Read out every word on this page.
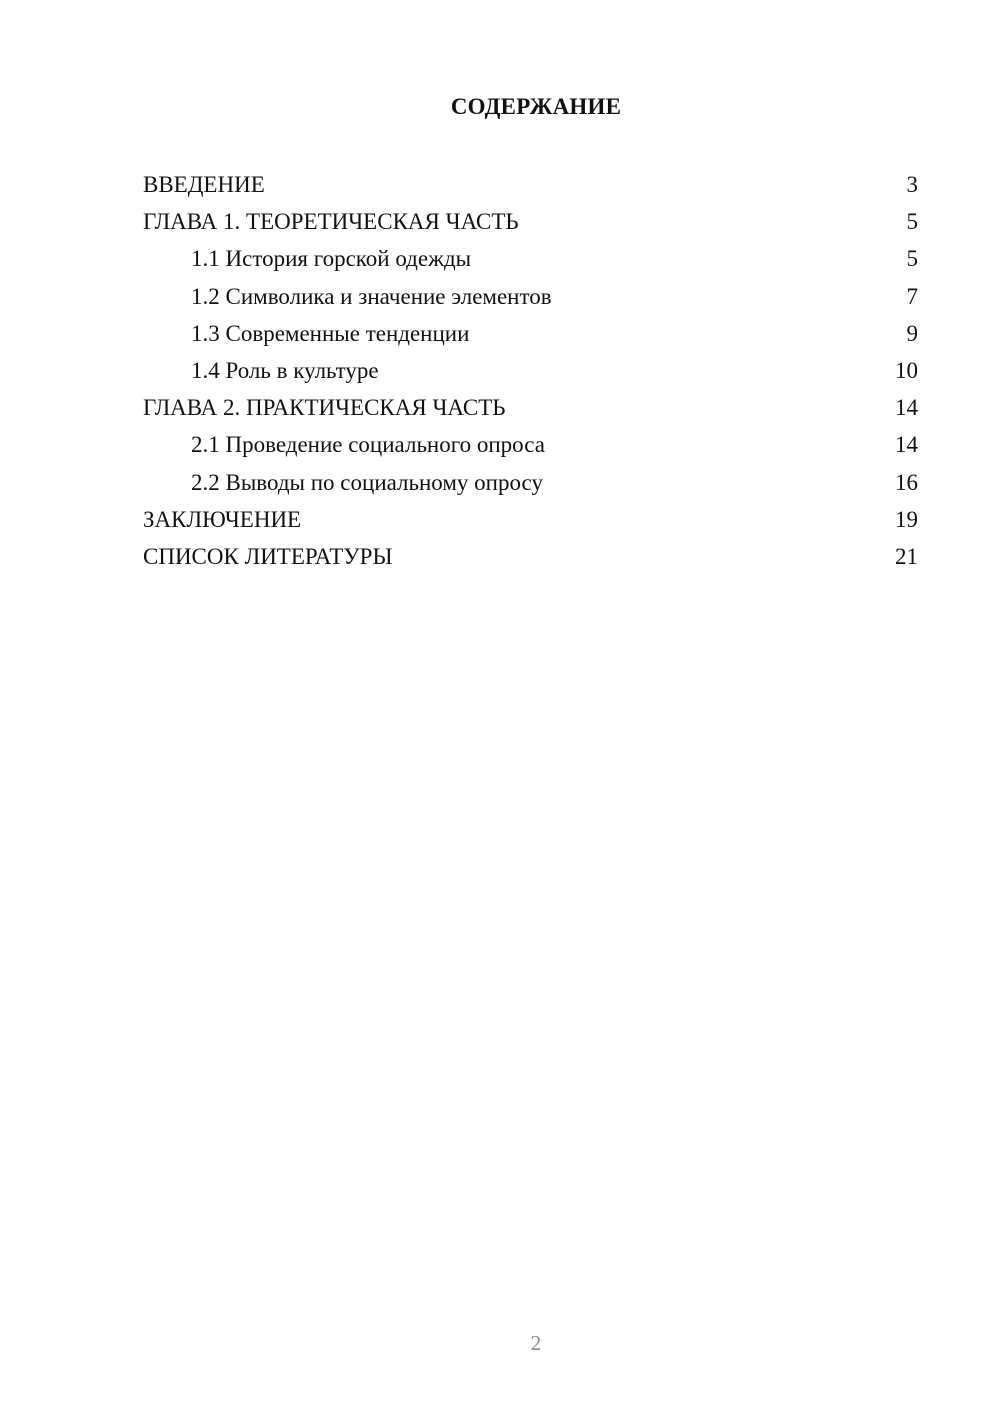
СОДЕРЖАНИЕ
ВВЕДЕНИЕ	3
ГЛАВА 1. ТЕОРЕТИЧЕСКАЯ ЧАСТЬ	5
1.1 История горской одежды	5
1.2 Символика и значение элементов	7
1.3 Современные тенденции	9
1.4 Роль в культуре	10
ГЛАВА 2. ПРАКТИЧЕСКАЯ ЧАСТЬ	14
2.1 Проведение социального опроса	14
2.2 Выводы по социальному опросу	16
ЗАКЛЮЧЕНИЕ	19
СПИСОК ЛИТЕРАТУРЫ	21
2
